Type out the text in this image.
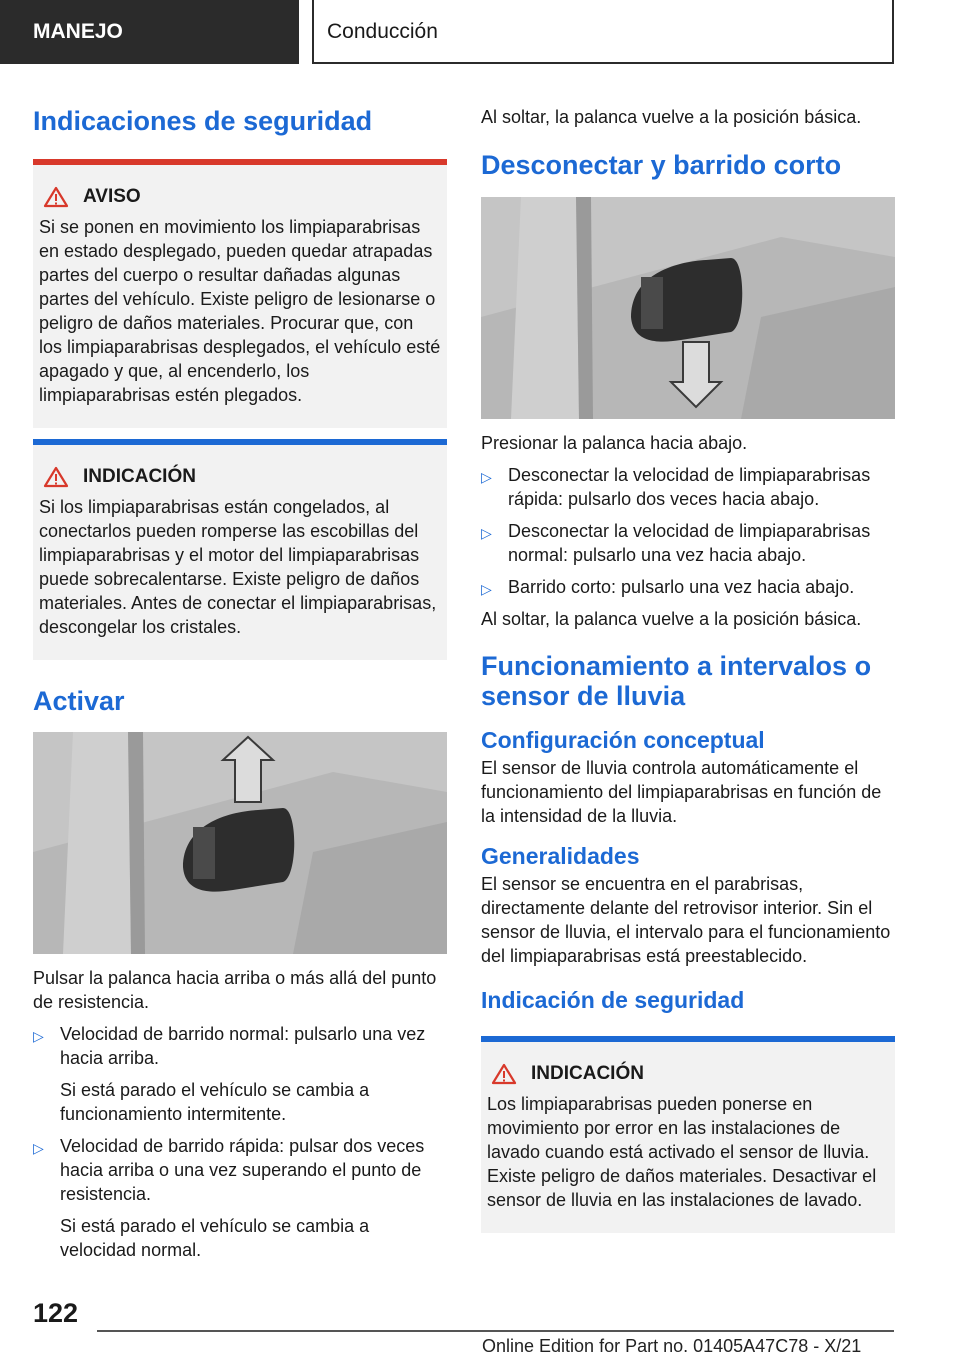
MANEJO	Conducción
Indicaciones de seguridad
AVISO

Si se ponen en movimiento los limpiaparabrisas en estado desplegado, pueden quedar atrapadas partes del cuerpo o resultar dañadas algunas partes del vehículo. Existe peligro de lesionarse o peligro de daños materiales. Procurar que, con los limpiaparabrisas desplegados, el vehículo esté apagado y que, al encenderlo, los limpiaparabrisas estén plegados.

INDICACIÓN

Si los limpiaparabrisas están congelados, al conectarlos pueden romperse las escobillas del limpiaparabrisas y el motor del limpiaparabrisas puede sobrecalentarse. Existe peligro de daños materiales. Antes de conectar el limpiaparabrisas, descongelar los cristales.

Activar

Pulsar la palanca hacia arriba o más allá del punto de resistencia.

▷ Velocidad de barrido normal: pulsarlo una vez hacia arriba.
Si está parado el vehículo se cambia a funcionamiento intermitente.
▷ Velocidad de barrido rápida: pulsar dos veces hacia arriba o una vez superando el punto de resistencia.
Si está parado el vehículo se cambia a velocidad normal.

Al soltar, la palanca vuelve a la posición básica.

Desconectar y barrido corto

Presionar la palanca hacia abajo.

▷ Desconectar la velocidad de limpiaparabrisas rápida: pulsarlo dos veces hacia abajo.
▷ Desconectar la velocidad de limpiaparabrisas normal: pulsarlo una vez hacia abajo.
▷ Barrido corto: pulsarlo una vez hacia abajo.

Al soltar, la palanca vuelve a la posición básica.

Funcionamiento a intervalos o sensor de lluvia
Configuración conceptual

El sensor de lluvia controla automáticamente el funcionamiento del limpiaparabrisas en función de la intensidad de la lluvia.

Generalidades

El sensor se encuentra en el parabrisas, directamente delante del retrovisor interior. Sin el sensor de lluvia, el intervalo para el funcionamiento del limpiaparabrisas está preestablecido.

Indicación de seguridad
INDICACIÓN

Los limpiaparabrisas pueden ponerse en movimiento por error en las instalaciones de lavado cuando está activado el sensor de lluvia. Existe peligro de daños materiales. Desactivar el sensor de lluvia en las instalaciones de lavado.

122
Online Edition for Part no. 01405A47C78 - X/21
